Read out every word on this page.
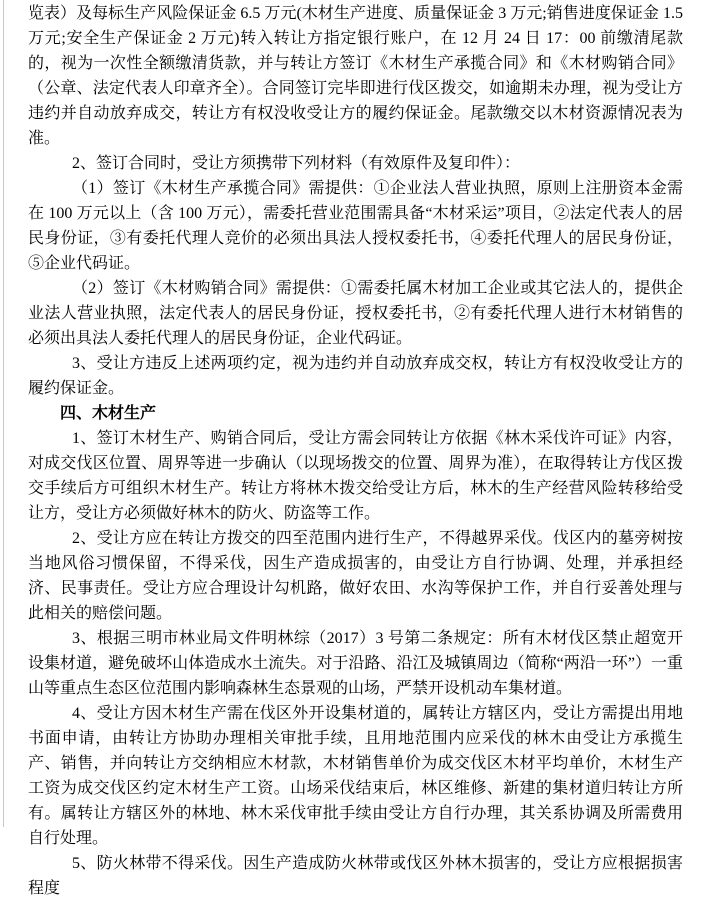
览表）及每标生产风险保证金 6.5 万元(木材生产进度、质量保证金 3 万元;销售进度保证金 1.5 万元;安全生产保证金 2 万元)转入转让方指定银行账户，在 12 月 24 日 17：00 前缴清尾款的，视为一次性全额缴清货款，并与转让方签订《木材生产承揽合同》和《木材购销合同》（公章、法定代表人印章齐全）。合同签订完毕即进行伐区拨交，如逾期未办理，视为受让方违约并自动放弃成交，转让方有权没收受让方的履约保证金。尾款缴交以木材资源情况表为准。

2、签订合同时，受让方须携带下列材料（有效原件及复印件）：

（1）签订《木材生产承揽合同》需提供：①企业法人营业执照，原则上注册资本金需在 100 万元以上（含 100 万元），需委托营业范围需具备“木材采运”项目，②法定代表人的居民身份证，③有委托代理人竞价的必须出具法人授权委托书，④委托代理人的居民身份证，⑤企业代码证。

（2）签订《木材购销合同》需提供：①需委托属木材加工企业或其它法人的，提供企业法人营业执照，法定代表人的居民身份证，授权委托书，②有委托代理人进行木材销售的必须出具法人委托代理人的居民身份证，企业代码证。

3、受让方违反上述两项约定，视为违约并自动放弃成交权，转让方有权没收受让方的履约保证金。

四、木材生产

1、签订木材生产、购销合同后，受让方需会同转让方依据《林木采伐许可证》内容，对成交伐区位置、周界等进一步确认（以现场拨交的位置、周界为准），在取得转让方伐区拨交手续后方可组织木材生产。转让方将林木拨交给受让方后，林木的生产经营风险转移给受让方，受让方必须做好林木的防火、防盗等工作。

2、受让方应在转让方拨交的四至范围内进行生产，不得越界采伐。伐区内的墓旁树按当地风俗习惯保留，不得采伐，因生产造成损害的，由受让方自行协调、处理，并承担经济、民事责任。受让方应合理设计勾机路，做好农田、水沟等保护工作，并自行妥善处理与此相关的赔偿问题。

3、根据三明市林业局文件明林综（2017）3 号第二条规定：所有木材伐区禁止超宽开设集材道，避免破坏山体造成水土流失。对于沿路、沿江及城镇周边（简称“两沿一环”）一重山等重点生态区位范围内影响森林生态景观的山场，严禁开设机动车集材道。

4、受让方因木材生产需在伐区外开设集材道的，属转让方辖区内，受让方需提出用地书面申请，由转让方协助办理相关审批手续，且用地范围内应采伐的林木由受让方承揽生产、销售，并向转让方交纳相应木材款，木材销售单价为成交伐区木材平均单价，木材生产工资为成交伐区约定木材生产工资。山场采伐结束后，林区维修、新建的集材道归转让方所有。属转让方辖区外的林地、林木采伐审批手续由受让方自行办理，其关系协调及所需费用自行处理。

5、防火林带不得采伐。因生产造成防火林带或伐区外林木损害的，受让方应根据损害程度
